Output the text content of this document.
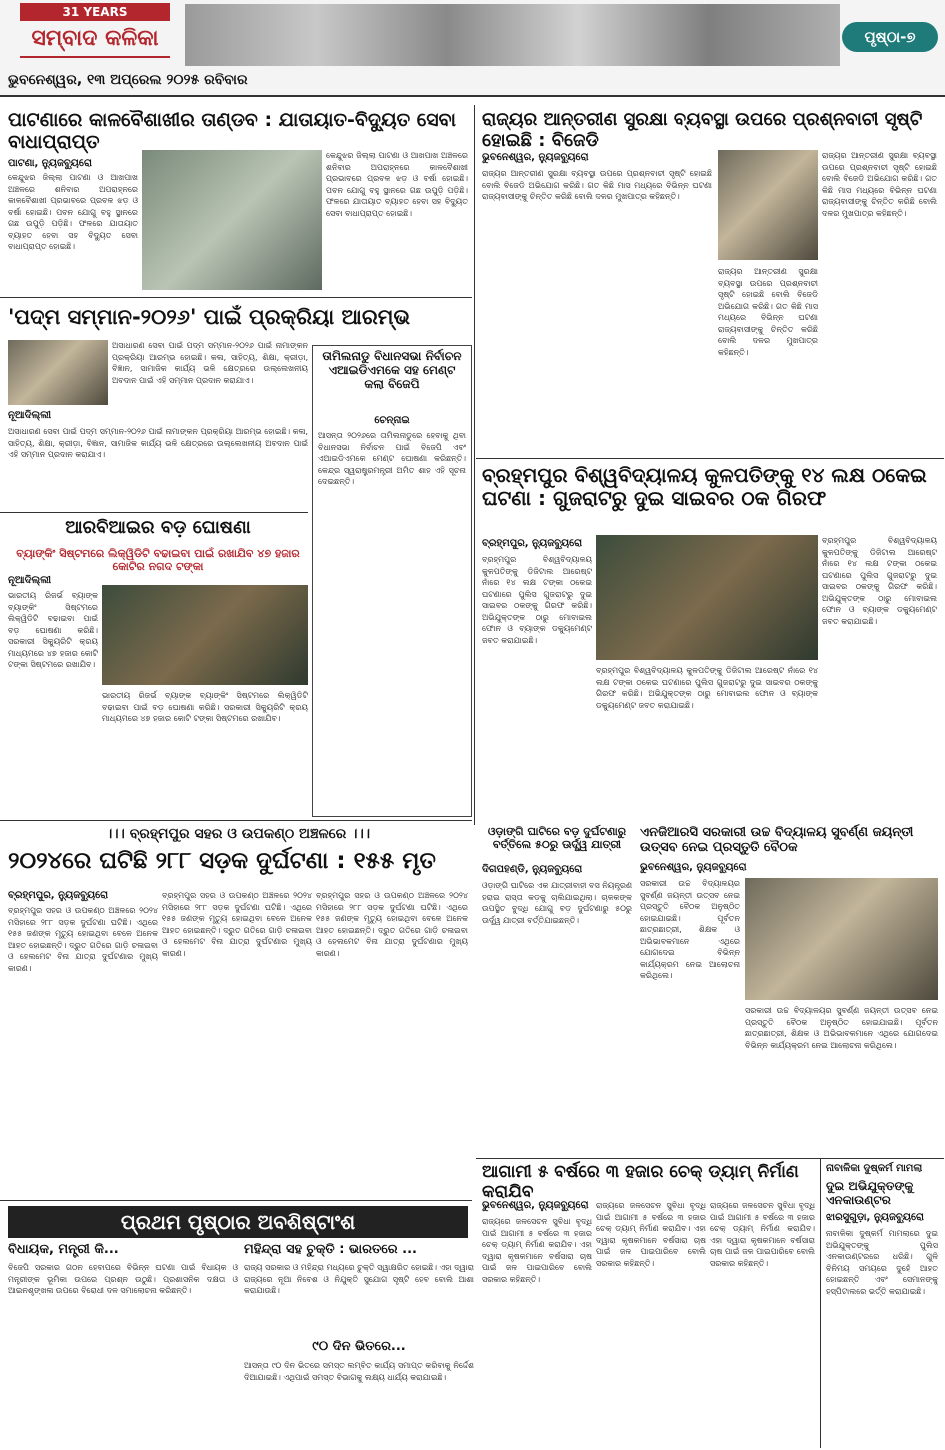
31 YEARS
ସମ୍ବାଦ କଳିକା
ଭୁବନେଶ୍ୱର, ୧୩ ଅପ୍ରେଲ ୨୦୨୫ ରବିବାର
ପୃଷ୍ଠା-୭
ପାଟଣାରେ କାଳବୈଶାଖୀର ତାଣ୍ଡବ : ଯାତାୟାତ-ବିଦ୍ୟୁତ ସେବା ବାଧାପ୍ରାପ୍ତ
ପାଟଣା, ନ୍ୟୁଜବ୍ୟୁରୋ
କେନ୍ଦୁଝର ଜିଲ୍ଲା ପାଟଣା ଓ ଆଖପାଖ ଅଞ୍ଚଳରେ ଶନିବାର ଅପରାହ୍ନରେ କାଳବୈଶାଖୀ ପ୍ରଭାବରେ ପ୍ରବଳ ଝଡ଼ ଓ ବର୍ଷା ହୋଇଛି। ପବନ ଯୋଗୁ ବହୁ ସ୍ଥାନରେ ଗଛ ଉପୁଡ଼ି ପଡ଼ିଛି। ଫଳରେ ଯାତାୟାତ ବ୍ୟାହତ ହେବା ସହ ବିଦ୍ୟୁତ ସେବା ବାଧାପ୍ରାପ୍ତ ହୋଇଛି।
କେନ୍ଦୁଝର ଜିଲ୍ଲା ପାଟଣା ଓ ଆଖପାଖ ଅଞ୍ଚଳରେ ଶନିବାର ଅପରାହ୍ନରେ କାଳବୈଶାଖୀ ପ୍ରଭାବରେ ପ୍ରବଳ ଝଡ଼ ଓ ବର୍ଷା ହୋଇଛି। ପବନ ଯୋଗୁ ବହୁ ସ୍ଥାନରେ ଗଛ ଉପୁଡ଼ି ପଡ଼ିଛି। ଫଳରେ ଯାତାୟାତ ବ୍ୟାହତ ହେବା ସହ ବିଦ୍ୟୁତ ସେବା ବାଧାପ୍ରାପ୍ତ ହୋଇଛି।
ରାଜ୍ୟର ଆନ୍ତରୀଣ ସୁରକ୍ଷା ବ୍ୟବସ୍ଥା ଉପରେ ପ୍ରଶ୍ନବାଚୀ ସୃଷ୍ଟି ହୋଇଛି : ବିଜେଡି
ଭୁବନେଶ୍ୱର, ନ୍ୟୁଜବ୍ୟୁରୋ
ରାଜ୍ୟର ଆନ୍ତରୀଣ ସୁରକ୍ଷା ବ୍ୟବସ୍ଥା ଉପରେ ପ୍ରଶ୍ନବାଚୀ ସୃଷ୍ଟି ହୋଇଛି ବୋଲି ବିଜେଡି ଅଭିଯୋଗ କରିଛି। ଗତ କିଛି ମାସ ମଧ୍ୟରେ ବିଭିନ୍ନ ଘଟଣା ରାଜ୍ୟବାସୀଙ୍କୁ ଚିନ୍ତିତ କରିଛି ବୋଲି ଦଳର ମୁଖପାତ୍ର କହିଛନ୍ତି।
ରାଜ୍ୟର ଆନ୍ତରୀଣ ସୁରକ୍ଷା ବ୍ୟବସ୍ଥା ଉପରେ ପ୍ରଶ୍ନବାଚୀ ସୃଷ୍ଟି ହୋଇଛି ବୋଲି ବିଜେଡି ଅଭିଯୋଗ କରିଛି। ଗତ କିଛି ମାସ ମଧ୍ୟରେ ବିଭିନ୍ନ ଘଟଣା ରାଜ୍ୟବାସୀଙ୍କୁ ଚିନ୍ତିତ କରିଛି ବୋଲି ଦଳର ମୁଖପାତ୍ର କହିଛନ୍ତି।
ରାଜ୍ୟର ଆନ୍ତରୀଣ ସୁରକ୍ଷା ବ୍ୟବସ୍ଥା ଉପରେ ପ୍ରଶ୍ନବାଚୀ ସୃଷ୍ଟି ହୋଇଛି ବୋଲି ବିଜେଡି ଅଭିଯୋଗ କରିଛି। ଗତ କିଛି ମାସ ମଧ୍ୟରେ ବିଭିନ୍ନ ଘଟଣା ରାଜ୍ୟବାସୀଙ୍କୁ ଚିନ୍ତିତ କରିଛି ବୋଲି ଦଳର ମୁଖପାତ୍ର କହିଛନ୍ତି।
'ପଦ୍ମ ସମ୍ମାନ-୨୦୨୬' ପାଇଁ ପ୍ରକ୍ରିୟା ଆରମ୍ଭ
ନୂଆଦିଲ୍ଲୀ
ଅସାଧାରଣ ସେବା ପାଇଁ ପଦ୍ମ ସମ୍ମାନ-୨୦୨୬ ପାଇଁ ନାମାଙ୍କନ ପ୍ରକ୍ରିୟା ଆରମ୍ଭ ହୋଇଛି। କଳା, ସାହିତ୍ୟ, ଶିକ୍ଷା, କ୍ରୀଡ଼ା, ବିଜ୍ଞାନ, ସାମାଜିକ କାର୍ଯ୍ୟ ଭଳି କ୍ଷେତ୍ରରେ ଉଲ୍ଲେଖନୀୟ ଅବଦାନ ପାଇଁ ଏହି ସମ୍ମାନ ପ୍ରଦାନ କରାଯାଏ।
ଅସାଧାରଣ ସେବା ପାଇଁ ପଦ୍ମ ସମ୍ମାନ-୨୦୨୬ ପାଇଁ ନାମାଙ୍କନ ପ୍ରକ୍ରିୟା ଆରମ୍ଭ ହୋଇଛି। କଳା, ସାହିତ୍ୟ, ଶିକ୍ଷା, କ୍ରୀଡ଼ା, ବିଜ୍ଞାନ, ସାମାଜିକ କାର୍ଯ୍ୟ ଭଳି କ୍ଷେତ୍ରରେ ଉଲ୍ଲେଖନୀୟ ଅବଦାନ ପାଇଁ ଏହି ସମ୍ମାନ ପ୍ରଦାନ କରାଯାଏ।
ତାମିଲନାଡୁ ବିଧାନସଭା ନିର୍ବାଚନ ଏଆଇଡିଏମକେ ସହ ମେଣ୍ଟ କଲା ବିଜେପି
ଚେନ୍ନାଇ
ଆସନ୍ତା ୨୦୨୬ରେ ତାମିଲନାଡୁରେ ହେବାକୁ ଥିବା ବିଧାନସଭା ନିର୍ବାଚନ ପାଇଁ ବିଜେପି ଏବଂ ଏଆଇଡିଏମକେ ମେଣ୍ଟ ଘୋଷଣା କରିଛନ୍ତି। କେନ୍ଦ୍ର ସ୍ୱରାଷ୍ଟ୍ରମନ୍ତ୍ରୀ ଅମିତ ଶାହ ଏହି ସୂଚନା ଦେଇଛନ୍ତି।	ବ୍ରହ୍ମପୁର ବିଶ୍ୱବିଦ୍ୟାଳୟ କୁଳପତିଙ୍କୁ ୧୪ ଲକ୍ଷ ଠକେଇ ଘଟଣା : ଗୁଜରାଟରୁ ଦୁଇ ସାଇବର ଠକ ଗିରଫ
ବ୍ରହ୍ମପୁର, ନ୍ୟୁଜବ୍ୟୁରୋ
ବ୍ରହ୍ମପୁର ବିଶ୍ୱବିଦ୍ୟାଳୟ କୁଳପତିଙ୍କୁ ଡିଜିଟାଲ ଆରେଷ୍ଟ ନାଁରେ ୧୪ ଲକ୍ଷ ଟଙ୍କା ଠକେଇ ଘଟଣାରେ ପୁଲିସ ଗୁଜରାଟରୁ ଦୁଇ ସାଇବର ଠକଙ୍କୁ ଗିରଫ କରିଛି। ଅଭିଯୁକ୍ତଙ୍କ ଠାରୁ ମୋବାଇଲ ଫୋନ ଓ ବ୍ୟାଙ୍କ ଡକ୍ୟୁମେଣ୍ଟ ଜବତ କରାଯାଇଛି।
ବ୍ରହ୍ମପୁର ବିଶ୍ୱବିଦ୍ୟାଳୟ କୁଳପତିଙ୍କୁ ଡିଜିଟାଲ ଆରେଷ୍ଟ ନାଁରେ ୧୪ ଲକ୍ଷ ଟଙ୍କା ଠକେଇ ଘଟଣାରେ ପୁଲିସ ଗୁଜରାଟରୁ ଦୁଇ ସାଇବର ଠକଙ୍କୁ ଗିରଫ କରିଛି। ଅଭିଯୁକ୍ତଙ୍କ ଠାରୁ ମୋବାଇଲ ଫୋନ ଓ ବ୍ୟାଙ୍କ ଡକ୍ୟୁମେଣ୍ଟ ଜବତ କରାଯାଇଛି।
ବ୍ରହ୍ମପୁର ବିଶ୍ୱବିଦ୍ୟାଳୟ କୁଳପତିଙ୍କୁ ଡିଜିଟାଲ ଆରେଷ୍ଟ ନାଁରେ ୧୪ ଲକ୍ଷ ଟଙ୍କା ଠକେଇ ଘଟଣାରେ ପୁଲିସ ଗୁଜରାଟରୁ ଦୁଇ ସାଇବର ଠକଙ୍କୁ ଗିରଫ କରିଛି। ଅଭିଯୁକ୍ତଙ୍କ ଠାରୁ ମୋବାଇଲ ଫୋନ ଓ ବ୍ୟାଙ୍କ ଡକ୍ୟୁମେଣ୍ଟ ଜବତ କରାଯାଇଛି।
ଆରବିଆଇର ବଡ଼ ଘୋଷଣା
ବ୍ୟାଙ୍କିଂ ସିଷ୍ଟମରେ ଲିକ୍ୱିଡିଟି ବଢାଇବା ପାଇଁ ରଖାଯିବ ୪୭ ହଜାର କୋଟିର ନଗଦ ଟଙ୍କା
ନୂଆଦିଲ୍ଲୀ
ଭାରତୀୟ ରିଜର୍ଭ ବ୍ୟାଙ୍କ ବ୍ୟାଙ୍କିଂ ସିଷ୍ଟମରେ ଲିକ୍ୱିଡିଟି ବଢାଇବା ପାଇଁ ବଡ଼ ଘୋଷଣା କରିଛି। ସରକାରୀ ସିକ୍ୟୁରିଟି କ୍ରୟ ମାଧ୍ୟମରେ ୪୭ ହଜାର କୋଟି ଟଙ୍କା ସିଷ୍ଟମରେ ରଖାଯିବ।
ଭାରତୀୟ ରିଜର୍ଭ ବ୍ୟାଙ୍କ ବ୍ୟାଙ୍କିଂ ସିଷ୍ଟମରେ ଲିକ୍ୱିଡିଟି ବଢାଇବା ପାଇଁ ବଡ଼ ଘୋଷଣା କରିଛି। ସରକାରୀ ସିକ୍ୟୁରିଟି କ୍ରୟ ମାଧ୍ୟମରେ ୪୭ ହଜାର କୋଟି ଟଙ୍କା ସିଷ୍ଟମରେ ରଖାଯିବ।
।।। ବ୍ରହ୍ମପୁର ସହର ଓ ଉପକଣ୍ଠ ଅଞ୍ଚଳରେ ।।।
୨୦୨୪ରେ ଘଟିଛି ୨୮୮ ସଡ଼କ ଦୁର୍ଘଟଣା : ୧୫୫ ମୃତ
ବ୍ରହ୍ମପୁର, ନ୍ୟୁଜବ୍ୟୁରୋ
ବ୍ରହ୍ମପୁର ସହର ଓ ଉପକଣ୍ଠ ଅଞ୍ଚଳରେ ୨୦୨୪ ମସିହାରେ ୨୮୮ ସଡ଼କ ଦୁର୍ଘଟଣା ଘଟିଛି। ଏଥିରେ ୧୫୫ ଜଣଙ୍କ ମୃତ୍ୟୁ ହୋଇଥିବା ବେଳେ ଅନେକ ଆହତ ହୋଇଛନ୍ତି। ଦ୍ରୁତ ଗତିରେ ଗାଡ଼ି ଚଳାଇବା ଓ ହେଲମେଟ ବିନା ଯାତ୍ରା ଦୁର୍ଘଟଣାର ମୁଖ୍ୟ କାରଣ।
ବ୍ରହ୍ମପୁର ସହର ଓ ଉପକଣ୍ଠ ଅଞ୍ଚଳରେ ୨୦୨୪ ମସିହାରେ ୨୮୮ ସଡ଼କ ଦୁର୍ଘଟଣା ଘଟିଛି। ଏଥିରେ ୧୫୫ ଜଣଙ୍କ ମୃତ୍ୟୁ ହୋଇଥିବା ବେଳେ ଅନେକ ଆହତ ହୋଇଛନ୍ତି। ଦ୍ରୁତ ଗତିରେ ଗାଡ଼ି ଚଳାଇବା ଓ ହେଲମେଟ ବିନା ଯାତ୍ରା ଦୁର୍ଘଟଣାର ମୁଖ୍ୟ କାରଣ।
ବ୍ରହ୍ମପୁର ସହର ଓ ଉପକଣ୍ଠ ଅଞ୍ଚଳରେ ୨୦୨୪ ମସିହାରେ ୨୮୮ ସଡ଼କ ଦୁର୍ଘଟଣା ଘଟିଛି। ଏଥିରେ ୧୫୫ ଜଣଙ୍କ ମୃତ୍ୟୁ ହୋଇଥିବା ବେଳେ ଅନେକ ଆହତ ହୋଇଛନ୍ତି। ଦ୍ରୁତ ଗତିରେ ଗାଡ଼ି ଚଳାଇବା ଓ ହେଲମେଟ ବିନା ଯାତ୍ରା ଦୁର୍ଘଟଣାର ମୁଖ୍ୟ କାରଣ।
ଓଡ଼ାଙ୍ଗି ଘାଟିରେ ବଡ଼ ଦୁର୍ଘଟଣାରୁ ବର୍ତ୍ତିଲେ ୫୦ରୁ ଊର୍ଦ୍ଧ୍ୱ ଯାତ୍ରୀ
ଦିଗପହଣ୍ଡି, ନ୍ୟୁଜବ୍ୟୁରୋ
ଓଡ଼ାଙ୍ଗି ଘାଟିରେ ଏକ ଯାତ୍ରୀବାହୀ ବସ ନିୟନ୍ତ୍ରଣ ହରାଇ ରାସ୍ତା କଡ଼କୁ ଚାଲିଯାଇଥିଲା। ଚାଳକଙ୍କ ଉପସ୍ଥିତ ବୁଦ୍ଧି ଯୋଗୁ ବଡ଼ ଦୁର୍ଘଟଣାରୁ ୫୦ରୁ ଊର୍ଦ୍ଧ୍ୱ ଯାତ୍ରୀ ବର୍ତ୍ତିଯାଇଛନ୍ତି।
ଏନଜିଆରସି ସରକାରୀ ଉଚ୍ଚ ବିଦ୍ୟାଳୟ ସୁବର୍ଣ୍ଣ ଜୟନ୍ତୀ ଉତ୍ସବ ନେଇ ପ୍ରସ୍ତୁତି ବୈଠକ
ଭୁବନେଶ୍ୱର, ନ୍ୟୁଜବ୍ୟୁରୋ
ସରକାରୀ ଉଚ୍ଚ ବିଦ୍ୟାଳୟର ସୁବର୍ଣ୍ଣ ଜୟନ୍ତୀ ଉତ୍ସବ ନେଇ ପ୍ରସ୍ତୁତି ବୈଠକ ଅନୁଷ୍ଠିତ ହୋଇଯାଇଛି। ପୂର୍ବତନ ଛାତ୍ରଛାତ୍ରୀ, ଶିକ୍ଷକ ଓ ଅଭିଭାବକମାନେ ଏଥିରେ ଯୋଗଦେଇ ବିଭିନ୍ନ କାର୍ଯ୍ୟକ୍ରମ ନେଇ ଆଲୋଚନା କରିଥିଲେ।
ସରକାରୀ ଉଚ୍ଚ ବିଦ୍ୟାଳୟର ସୁବର୍ଣ୍ଣ ଜୟନ୍ତୀ ଉତ୍ସବ ନେଇ ପ୍ରସ୍ତୁତି ବୈଠକ ଅନୁଷ୍ଠିତ ହୋଇଯାଇଛି। ପୂର୍ବତନ ଛାତ୍ରଛାତ୍ରୀ, ଶିକ୍ଷକ ଓ ଅଭିଭାବକମାନେ ଏଥିରେ ଯୋଗଦେଇ ବିଭିନ୍ନ କାର୍ଯ୍ୟକ୍ରମ ନେଇ ଆଲୋଚନା କରିଥିଲେ।
ଆଗାମୀ ୫ ବର୍ଷରେ ୩ ହଜାର ଚେକ୍ ଡ୍ୟାମ୍ ନିର୍ମାଣ କରାଯିବ
ଭୁବନେଶ୍ୱର, ନ୍ୟୁଜବ୍ୟୁରୋ
ରାଜ୍ୟରେ ଜଳସେଚନ ସୁବିଧା ବୃଦ୍ଧି ପାଇଁ ଆଗାମୀ ୫ ବର୍ଷରେ ୩ ହଜାର ଚେକ୍ ଡ୍ୟାମ୍ ନିର୍ମାଣ କରାଯିବ। ଏହା ଦ୍ୱାରା କୃଷକମାନେ ବର୍ଷସାରା ଚାଷ ପାଇଁ ଜଳ ପାଇପାରିବେ ବୋଲି ସରକାର କହିଛନ୍ତି।
ରାଜ୍ୟରେ ଜଳସେଚନ ସୁବିଧା ବୃଦ୍ଧି ପାଇଁ ଆଗାମୀ ୫ ବର୍ଷରେ ୩ ହଜାର ଚେକ୍ ଡ୍ୟାମ୍ ନିର୍ମାଣ କରାଯିବ। ଏହା ଦ୍ୱାରା କୃଷକମାନେ ବର୍ଷସାରା ଚାଷ ପାଇଁ ଜଳ ପାଇପାରିବେ ବୋଲି ସରକାର କହିଛନ୍ତି।
ରାଜ୍ୟରେ ଜଳସେଚନ ସୁବିଧା ବୃଦ୍ଧି ପାଇଁ ଆଗାମୀ ୫ ବର୍ଷରେ ୩ ହଜାର ଚେକ୍ ଡ୍ୟାମ୍ ନିର୍ମାଣ କରାଯିବ। ଏହା ଦ୍ୱାରା କୃଷକମାନେ ବର୍ଷସାରା ଚାଷ ପାଇଁ ଜଳ ପାଇପାରିବେ ବୋଲି ସରକାର କହିଛନ୍ତି।
ନାବାଳିକା ଦୁଷ୍କର୍ମ ମାମଲା
ଦୁଇ ଅଭିଯୁକ୍ତଙ୍କୁ ଏନକାଉଣ୍ଟର
ଝାରସୁଗୁଡ଼ା, ନ୍ୟୁଜବ୍ୟୁରୋ
ନାବାଳିକା ଦୁଷ୍କର୍ମ ମାମଲାରେ ଦୁଇ ଅଭିଯୁକ୍ତଙ୍କୁ ପୁଲିସ ଏନକାଉଣ୍ଟରରେ ଧରିଛି। ଗୁଳି ବିନିମୟ ସମୟରେ ଦୁହେଁ ଆହତ ହୋଇଛନ୍ତି ଏବଂ ସେମାନଙ୍କୁ ହସ୍ପିଟାଲରେ ଭର୍ତ୍ତି କରାଯାଇଛି।
ପ୍ରଥମ ପୃଷ୍ଠାର ଅବଶିଷ୍ଟାଂଶ
ବିଧାୟକ, ମନ୍ତ୍ରୀ କି...
ବିଜେପି ସରକାର ଗଠନ ହେବାପରେ ବିଭିନ୍ନ ଘଟଣା ପାଇଁ ବିଧାୟକ ଓ ମନ୍ତ୍ରୀଙ୍କ ଭୂମିକା ଉପରେ ପ୍ରଶ୍ନ ଉଠୁଛି। ପ୍ରଶାସନିକ ଦକ୍ଷତା ଓ ଆଇନଶୃଙ୍ଖଳା ଉପରେ ବିରୋଧୀ ଦଳ ସମାଲୋଚନା କରିଛନ୍ତି।
ମହିନ୍ଦ୍ରା ସହ ଚୁକ୍ତି : ଭାରତରେ ...
ରାଜ୍ୟ ସରକାର ଓ ମହିନ୍ଦ୍ରା ମଧ୍ୟରେ ଚୁକ୍ତି ସ୍ୱାକ୍ଷରିତ ହୋଇଛି। ଏହା ଦ୍ୱାରା ରାଜ୍ୟରେ ନୂଆ ନିବେଶ ଓ ନିଯୁକ୍ତି ସୁଯୋଗ ସୃଷ୍ଟି ହେବ ବୋଲି ଆଶା କରାଯାଉଛି।
୯୦ ଦିନ ଭିତରେ...
ଆସନ୍ତା ୯୦ ଦିନ ଭିତରେ ସମସ୍ତ ଲମ୍ବିତ କାର୍ଯ୍ୟ ସମାପ୍ତ କରିବାକୁ ନିର୍ଦ୍ଦେଶ ଦିଆଯାଇଛି। ଏଥିପାଇଁ ସମସ୍ତ ବିଭାଗକୁ ଲକ୍ଷ୍ୟ ଧାର୍ଯ୍ୟ କରାଯାଇଛି।
